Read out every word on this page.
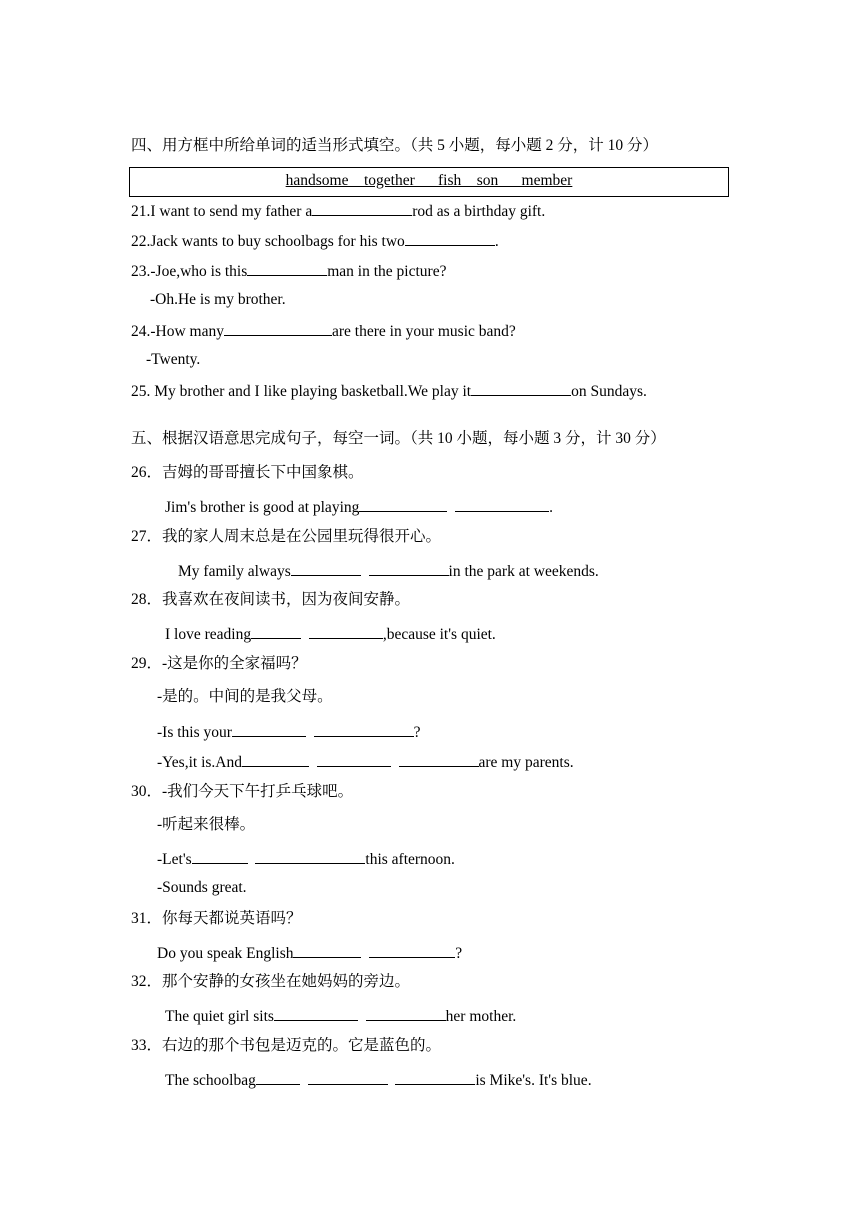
四、用方框中所给单词的适当形式填空。（共 5 小题，每小题 2 分，计 10 分）
handsome    together      fish    son      member
21.I want to send my father a	rod as a birthday gift.
22.Jack wants to buy schoolbags for his two	.
23.-Joe,who is this	man in the picture?
-Oh.He is my brother.
24.-How many	are there in your music band?
-Twenty.
25. My brother and I like playing basketball.We play it	on Sundays.
五、根据汉语意思完成句子，每空一词。（共 10 小题，每小题 3 分，计 30 分）
26．吉姆的哥哥擅长下中国象棋。
Jim's brother is good at playing	.
27．我的家人周末总是在公园里玩得很开心。
My family always	in the park at weekends.
28．我喜欢在夜间读书，因为夜间安静。
I love reading	,because it's quiet.
29．-这是你的全家福吗？
-是的。中间的是我父母。
-Is this your	?
-Yes,it is.And	are my parents.
30．-我们今天下午打乒乓球吧。
-听起来很棒。
-Let's	this afternoon.
-Sounds great.
31．你每天都说英语吗？
Do you speak English	?
32．那个安静的女孩坐在她妈妈的旁边。
The quiet girl sits	her mother.
33．右边的那个书包是迈克的。它是蓝色的。
The schoolbag	is Mike's. It's blue.
